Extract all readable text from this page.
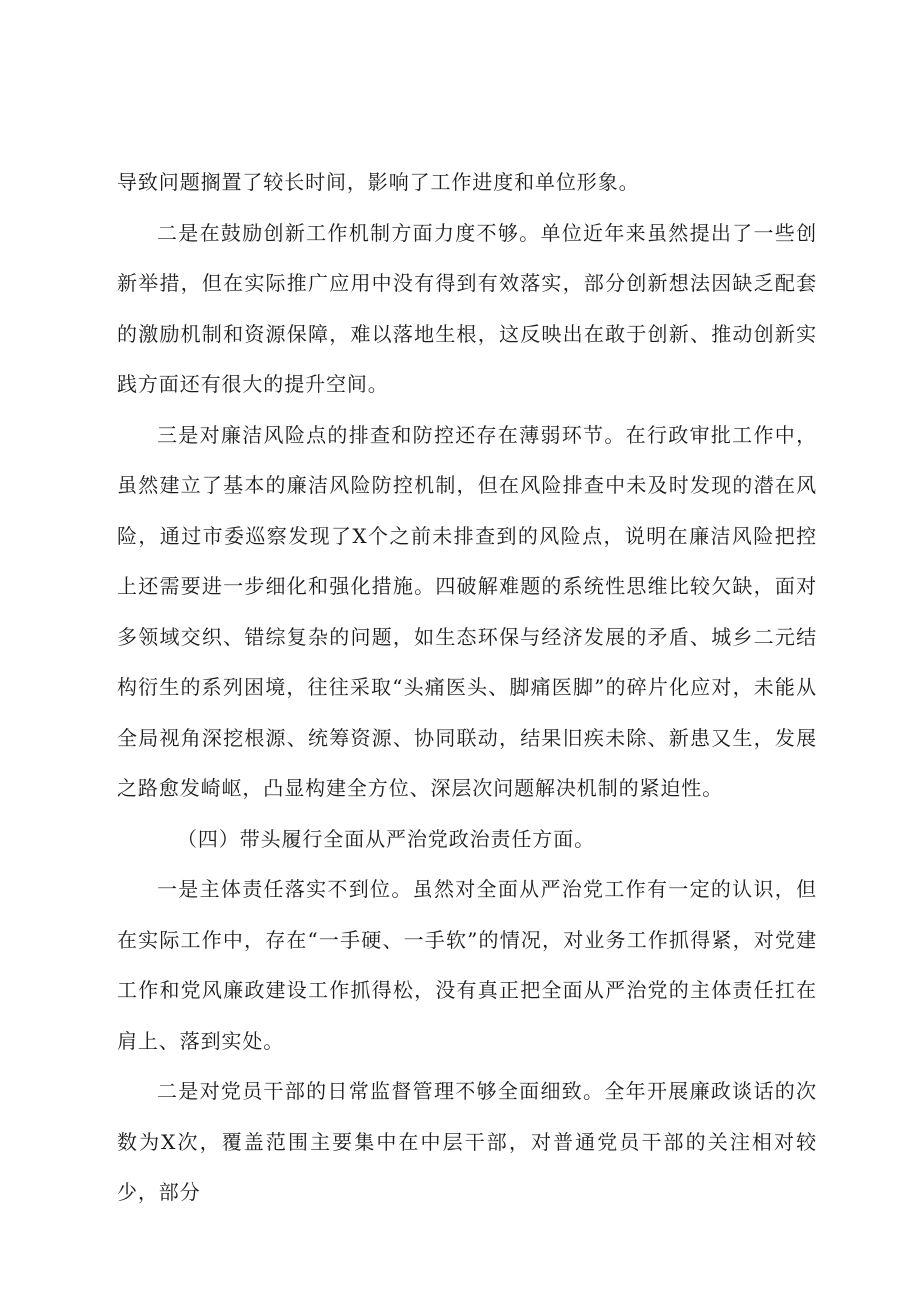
导致问题搁置了较长时间，影响了工作进度和单位形象。

二是在鼓励创新工作机制方面力度不够。单位近年来虽然提出了一些创新举措，但在实际推广应用中没有得到有效落实，部分创新想法因缺乏配套的激励机制和资源保障，难以落地生根，这反映出在敢于创新、推动创新实践方面还有很大的提升空间。

三是对廉洁风险点的排查和防控还存在薄弱环节。在行政审批工作中，虽然建立了基本的廉洁风险防控机制，但在风险排查中未及时发现的潜在风险，通过市委巡察发现了X个之前未排查到的风险点，说明在廉洁风险把控上还需要进一步细化和强化措施。四破解难题的系统性思维比较欠缺，面对多领域交织、错综复杂的问题，如生态环保与经济发展的矛盾、城乡二元结构衍生的系列困境，往往采取“头痛医头、脚痛医脚”的碎片化应对，未能从全局视角深挖根源、统筹资源、协同联动，结果旧疾未除、新患又生，发展之路愈发崎岖，凸显构建全方位、深层次问题解决机制的紧迫性。

（四）带头履行全面从严治党政治责任方面。

一是主体责任落实不到位。虽然对全面从严治党工作有一定的认识，但在实际工作中，存在“一手硬、一手软”的情况，对业务工作抓得紧，对党建工作和党风廉政建设工作抓得松，没有真正把全面从严治党的主体责任扛在肩上、落到实处。

二是对党员干部的日常监督管理不够全面细致。全年开展廉政谈话的次数为X次，覆盖范围主要集中在中层干部，对普通党员干部的关注相对较少，部分
